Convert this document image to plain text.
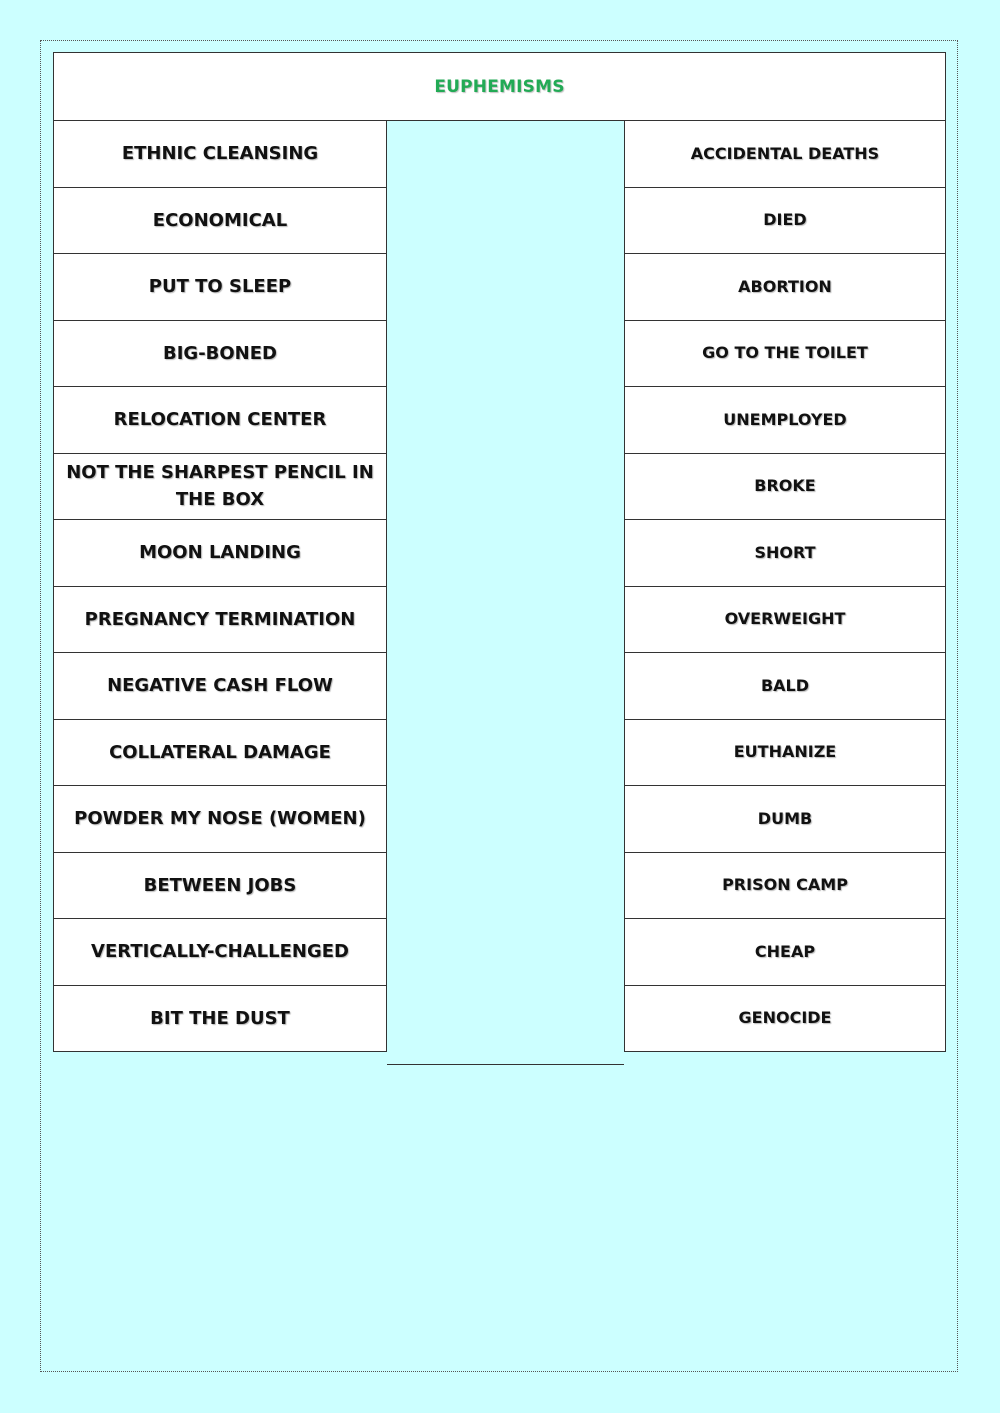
EUPHEMISMS
ETHNIC CLEANSING
ECONOMICAL
PUT TO SLEEP
BIG-BONED
RELOCATION CENTER
NOT THE SHARPEST PENCIL IN THE BOX
MOON LANDING
PREGNANCY TERMINATION
NEGATIVE CASH FLOW
COLLATERAL DAMAGE
POWDER MY NOSE (WOMEN)
BETWEEN JOBS
VERTICALLY-CHALLENGED
BIT THE DUST
ACCIDENTAL DEATHS
DIED
ABORTION
GO TO THE TOILET
UNEMPLOYED
BROKE
SHORT
OVERWEIGHT
BALD
EUTHANIZE
DUMB
PRISON CAMP
CHEAP
GENOCIDE
